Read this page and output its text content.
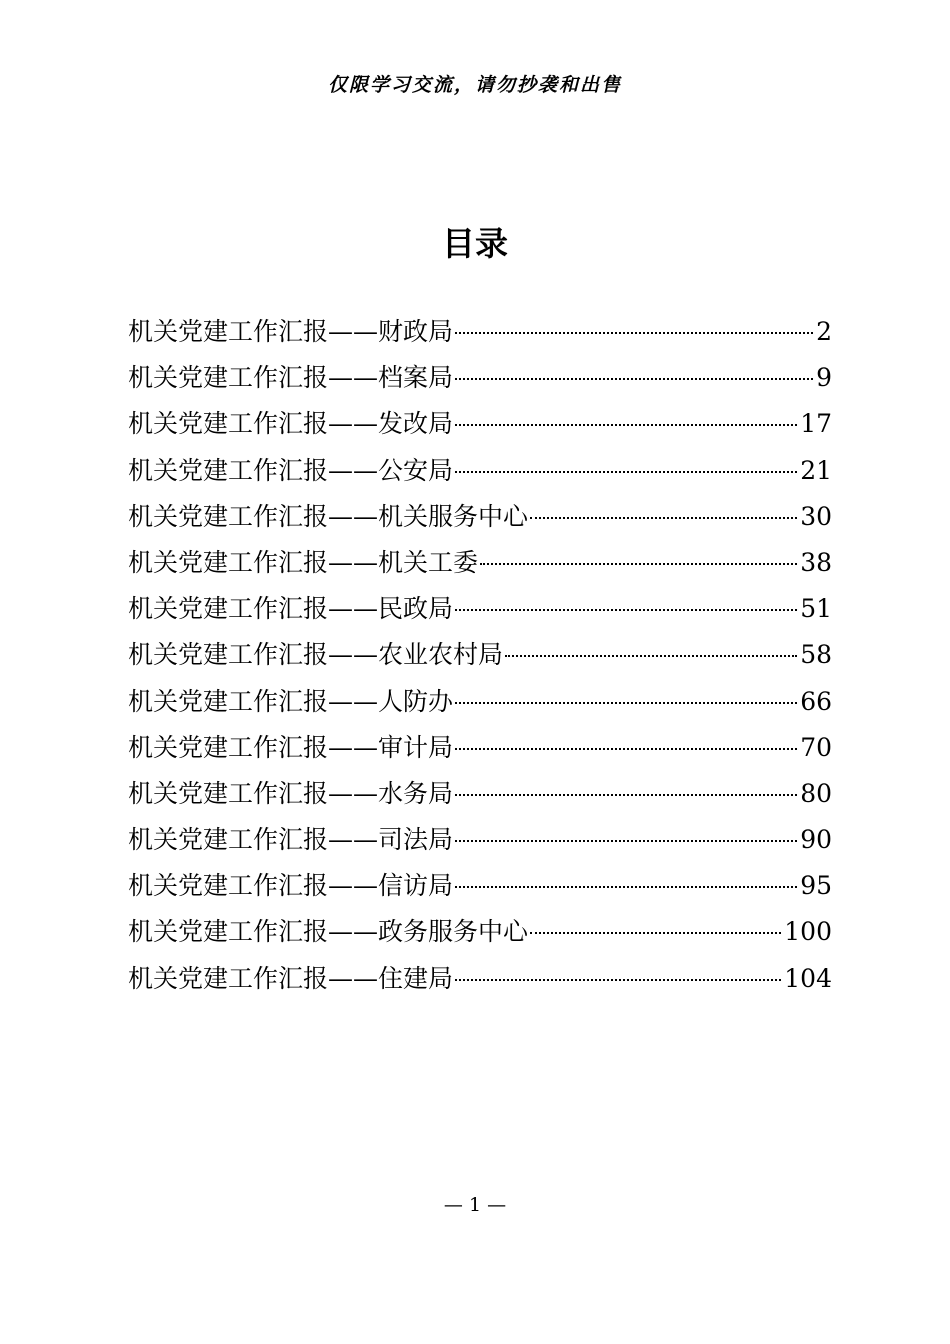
仅限学习交流，请勿抄袭和出售
目录
机关党建工作汇报——财政局	2
机关党建工作汇报——档案局	9
机关党建工作汇报——发改局	17
机关党建工作汇报——公安局	21
机关党建工作汇报——机关服务中心	30
机关党建工作汇报——机关工委	38
机关党建工作汇报——民政局	51
机关党建工作汇报——农业农村局	58
机关党建工作汇报——人防办	66
机关党建工作汇报——审计局	70
机关党建工作汇报——水务局	80
机关党建工作汇报——司法局	90
机关党建工作汇报——信访局	95
机关党建工作汇报——政务服务中心	100
机关党建工作汇报——住建局	104
— 1 —
